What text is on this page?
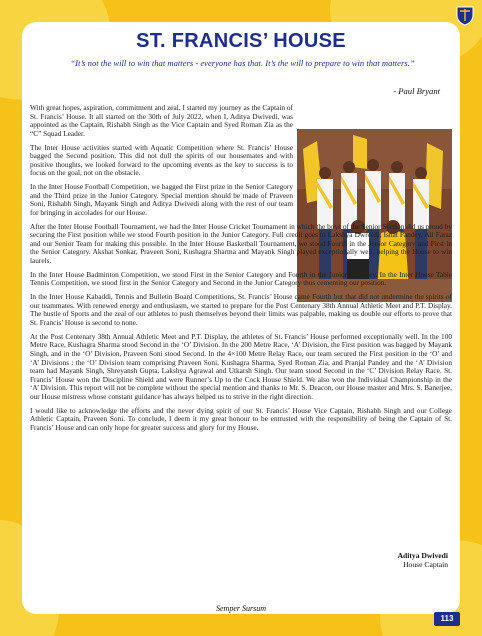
ST. FRANCIS’ HOUSE
“It’s not the will to win that matters - everyone has that. It’s the will to prepare to win that matters.”
- Paul Bryant

With great hopes, aspiration, commitment and zeal, I started my journey as the Captain of St. Francis’ House. It all started on the 30th of July 2022, when I, Aditya Dwivedi, was appointed as the Captain, Rishabh Singh as the Vice Captain and Syed Roman Zia as the “C” Squad Leader.

The Inter House activities started with Aquatic Competition where St. Francis’ House bagged the Second position. This did not dull the spirits of our housemates and with positive thoughts, we looked forward to the upcoming events as the key to success is to focus on the goal, not on the obstacle.

In the Inter House Football Competition, we bagged the First prize in the Senior Category and the Third prize in the Junior Category. Special mention should be made of Praveen Soni, Rishabh Singh, Mayank Singh and Aditya Dwivedi along with the rest of our team for bringing in accolades for our House.

After the Inter House Football Tournament, we had the Inter House Cricket Tournament in which the boys of the Senior Section did us proud by securing the First position while we stood Fourth position in the Junior Category. Full credit goes to Lakshya Dwivedi, Ishat Pandey, Ali Faraz and our Senior Team for making this possible. In the Inter House Basketball Tournament, we stood Fourth in the Junior Category and First in the Senior Category. Akshat Sonkar, Praveen Soni, Kushagra Sharma and Mayank Singh played exceptionally well, helping the House to win laurels.

In the Inter House Badminton Competition, we stood First in the Senior Category and Fourth in the Junior Category. In the Inter House Table Tennis Competition, we stood first in the Senior Category and Second in the Junior Category thus cementing our position.

In the Inter House Kabaddi, Tennis and Bulletin Board Competitions, St. Francis’ House came Fourth but that did not undermine the spirits of our teammates. With renewed energy and enthusiasm, we started to prepare for the Post Centenary 38th Annual Athletic Meet and P.T. Display. The hustle of Sports and the zeal of our athletes to push themselves beyond their limits was palpable, making us double our efforts to prove that St. Francis’ House is second to none.

At the Post Centenary 38th Annual Athletic Meet and P.T. Display, the athletes of St. Francis’ House performed exceptionally well. In the 100 Metre Race, Kushagra Sharma stood Second in the ‘O’ Division. In the 200 Metre Race, ‘A’ Division, the First position was bagged by Mayank Singh, and in the ‘O’ Division, Praveen Soni stood Second. In the 4×100 Metre Relay Race, our team secured the First position in the ‘O’ and ‘A’ Divisions : the ‘O’ Division team comprising Praveen Soni, Kushagra Sharma, Syed Roman Zia, and Pranjal Pandey and the ‘A’ Division team had Mayank Singh, Shreyansh Gupta, Lakshya Agrawal and Utkarsh Singh. Our team stood Second in the ‘C’ Division Relay Race. St. Francis’ House won the Discipline Shield and were Runner’s Up to the Cock House Shield. We also won the Individual Championship in the ‘A’ Division. This report will not be complete without the special mention and thanks to Mr. S. Deacon, our House master and Mrs. S. Banerjee, our House mistress whose constant guidance has always helped us to strive in the right direction.

I would like to acknowledge the efforts and the never dying spirit of our St. Francis’ House Vice Captain, Rishabh Singh and our College Athletic Captain, Praveen Soni. To conclude, I deem it my great honour to be entrusted with the responsibility of being the Captain of St. Francis’ House and can only hope for greater success and glory for my House.

Aditya Dwivedi
House Captain
Semper Sursum
113
